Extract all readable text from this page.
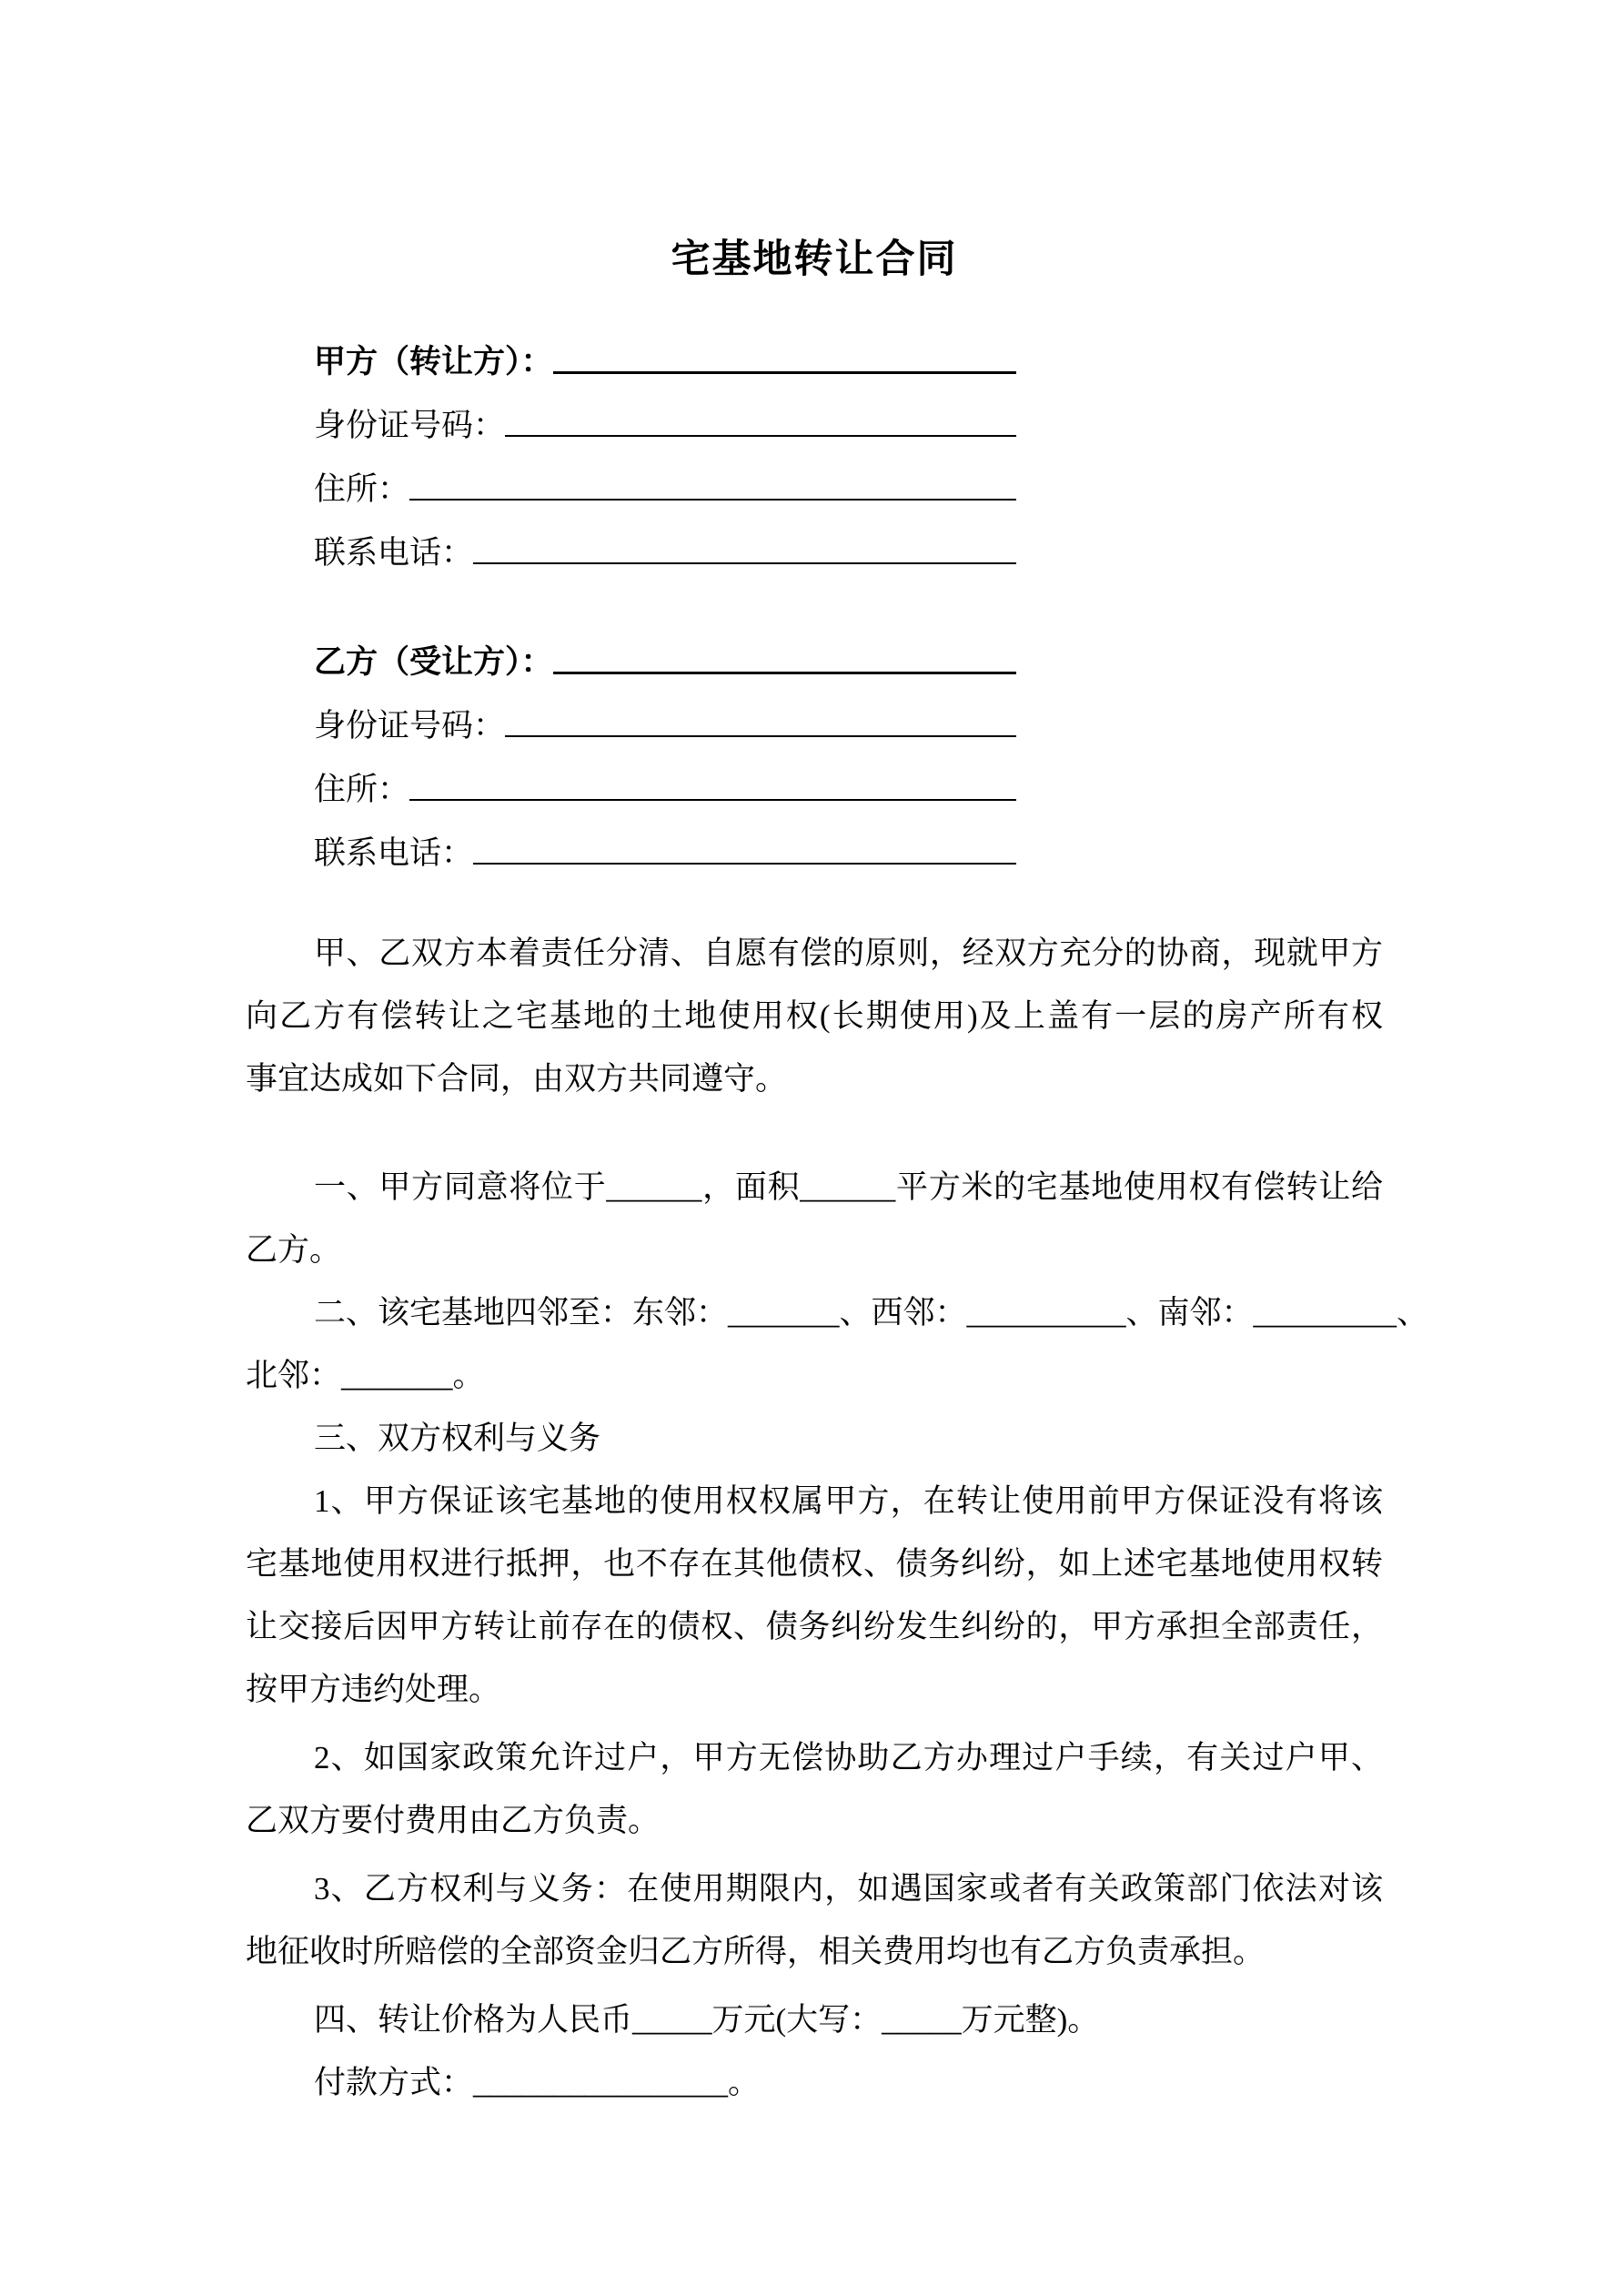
宅基地转让合同
甲方（转让方）：
身份证号码：
住所：
联系电话：
乙方（受让方）：
身份证号码：
住所：
联系电话：
甲、乙双方本着责任分清、自愿有偿的原则，经双方充分的协商，现就甲方
向乙方有偿转让之宅基地的土地使用权(长期使用)及上盖有一层的房产所有权
事宜达成如下合同，由双方共同遵守。
一、甲方同意将位于______，面积______平方米的宅基地使用权有偿转让给
乙方。
二、该宅基地四邻至：东邻：_______、西邻：__________、南邻：_________、
北邻：_______。
三、双方权利与义务
1、甲方保证该宅基地的使用权权属甲方，在转让使用前甲方保证没有将该
宅基地使用权进行抵押，也不存在其他债权、债务纠纷，如上述宅基地使用权转
让交接后因甲方转让前存在的债权、债务纠纷发生纠纷的，甲方承担全部责任，
按甲方违约处理。
2、如国家政策允许过户，甲方无偿协助乙方办理过户手续，有关过户甲、
乙双方要付费用由乙方负责。
3、乙方权利与义务：在使用期限内，如遇国家或者有关政策部门依法对该
地征收时所赔偿的全部资金归乙方所得，相关费用均也有乙方负责承担。
四、转让价格为人民币_____万元(大写：_____万元整)。
付款方式：________________。
